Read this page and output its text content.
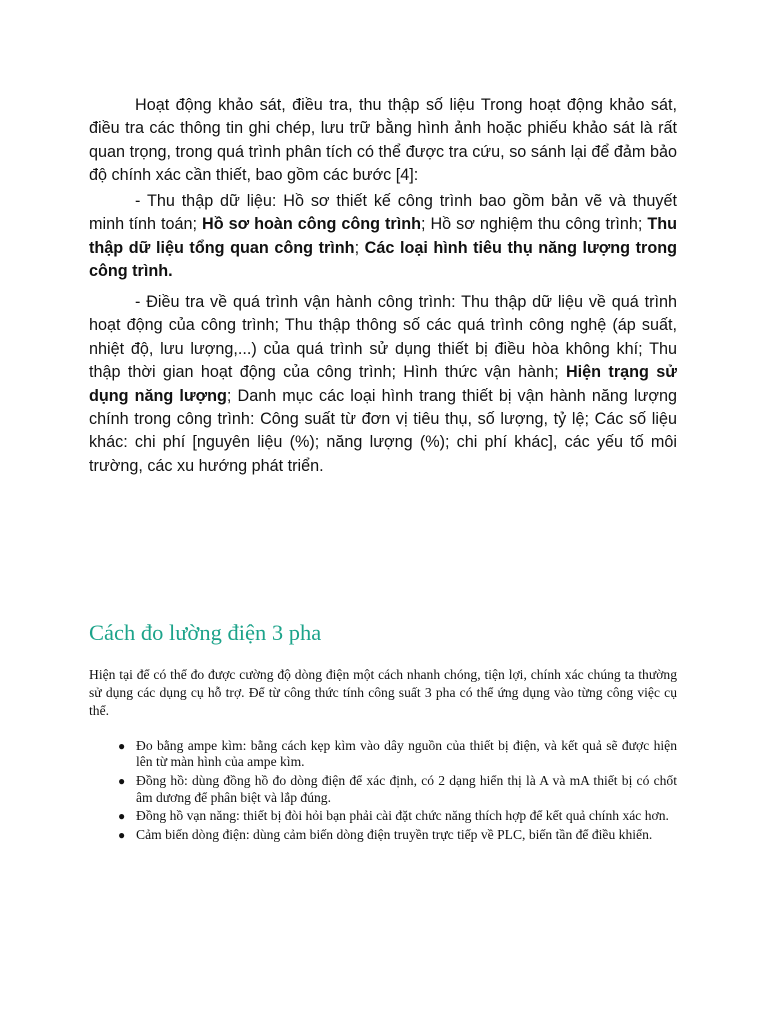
Hoạt động khảo sát, điều tra, thu thập số liệu Trong hoạt động khảo sát, điều tra các thông tin ghi chép, lưu trữ bằng hình ảnh hoặc phiếu khảo sát là rất quan trọng, trong quá trình phân tích có thể được tra cứu, so sánh lại để đảm bảo độ chính xác cần thiết, bao gồm các bước [4]:

- Thu thập dữ liệu: Hồ sơ thiết kế công trình bao gồm bản vẽ và thuyết minh tính toán; Hồ sơ hoàn công công trình; Hồ sơ nghiệm thu công trình; Thu thập dữ liệu tổng quan công trình; Các loại hình tiêu thụ năng lượng trong công trình.

- Điều tra về quá trình vận hành công trình: Thu thập dữ liệu về quá trình hoạt động của công trình; Thu thập thông số các quá trình công nghệ (áp suất, nhiệt độ, lưu lượng,...) của quá trình sử dụng thiết bị điều hòa không khí; Thu thập thời gian hoạt động của công trình; Hình thức vận hành; Hiện trạng sử dụng năng lượng; Danh mục các loại hình trang thiết bị vận hành năng lượng chính trong công trình: Công suất từ đơn vị tiêu thụ, số lượng, tỷ lệ; Các số liệu khác: chi phí [nguyên liệu (%); năng lượng (%); chi phí khác], các yếu tố môi trường, các xu hướng phát triển.

Cách đo lường điện 3 pha

Hiện tại để có thể đo được cường độ dòng điện một cách nhanh chóng, tiện lợi, chính xác chúng ta thường sử dụng các dụng cụ hỗ trợ. Để từ công thức tính công suất 3 pha có thể ứng dụng vào từng công việc cụ thể.

● Đo bằng ampe kìm: bằng cách kẹp kìm vào dây nguồn của thiết bị điện, và kết quả sẽ được hiện lên từ màn hình của ampe kìm.
● Đồng hồ: dùng đồng hồ đo dòng điện để xác định, có 2 dạng hiển thị là A và mA thiết bị có chốt âm dương để phân biệt và lắp đúng.
● Đồng hồ vạn năng: thiết bị đòi hỏi bạn phải cài đặt chức năng thích hợp để kết quả chính xác hơn.
● Cảm biến dòng điện: dùng cảm biến dòng điện truyền trực tiếp về PLC, biến tần để điều khiển.
